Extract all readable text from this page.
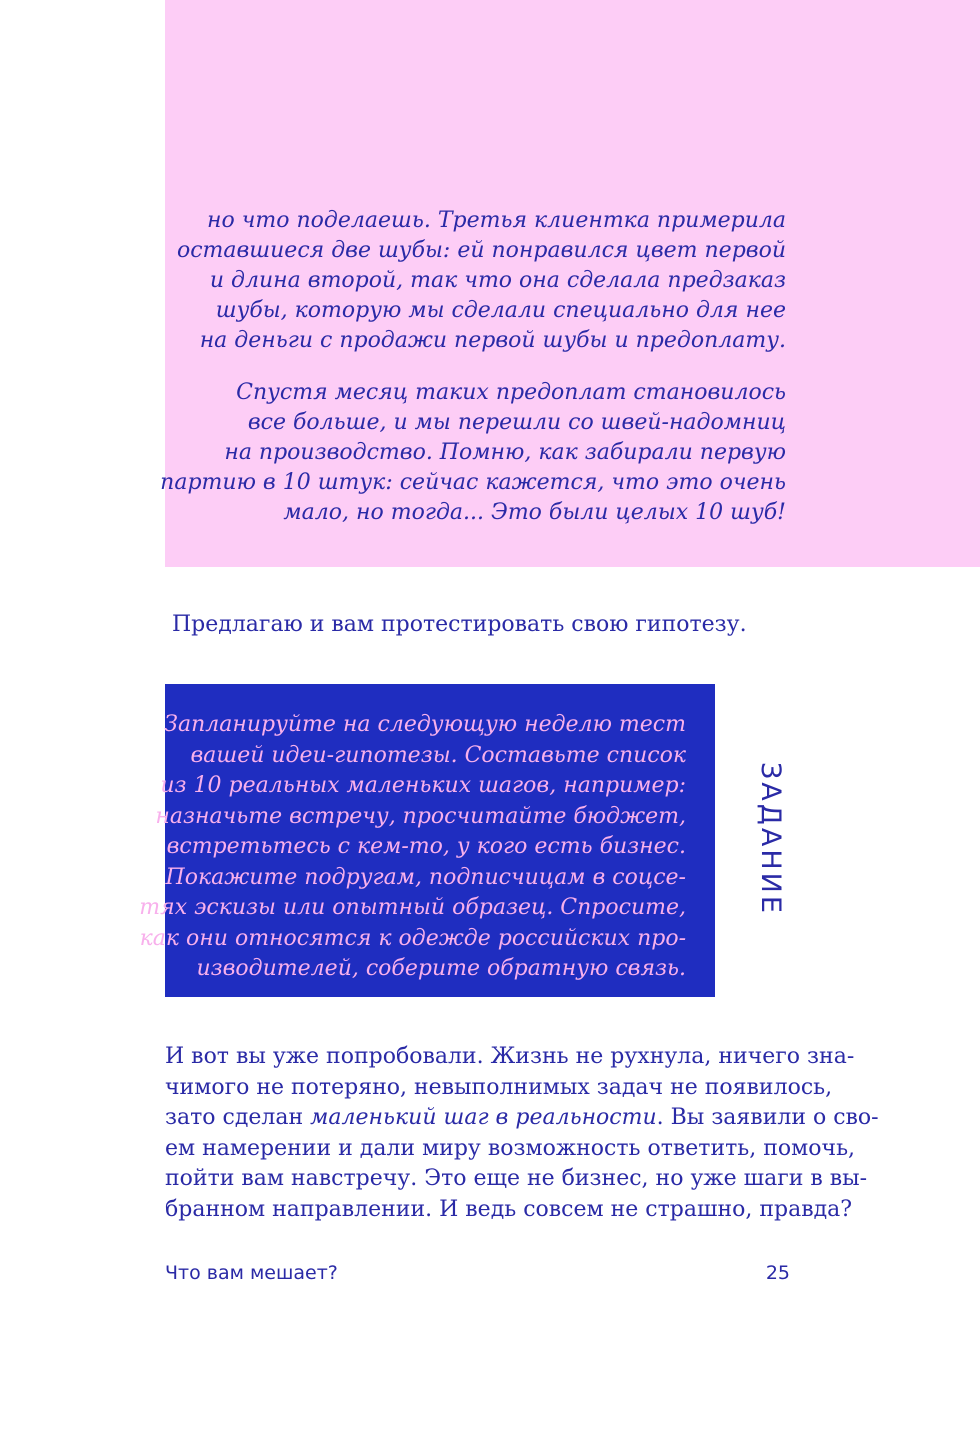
но что поделаешь. Третья клиентка примерила
оставшиеся две шубы: ей понравился цвет первой
и длина второй, так что она сделала предзаказ
шубы, которую мы сделали специально для нее
на деньги с продажи первой шубы и предоплату.
Спустя месяц таких предоплат становилось
все больше, и мы перешли со швей-надомниц
на производство. Помню, как забирали первую
партию в 10 штук: сейчас кажется, что это очень
мало, но тогда... Это были целых 10 шуб!
Предлагаю и вам протестировать свою гипотезу.
Запланируйте на следующую неделю тест
вашей идеи-гипотезы. Составьте список
из 10 реальных маленьких шагов, например:
назначьте встречу, просчитайте бюджет,
встретьтесь с кем-то, у кого есть бизнес.
Покажите подругам, подписчицам в соцсе-
тях эскизы или опытный образец. Спросите,
как они относятся к одежде российских про-
изводителей, соберите обратную связь.
ЗАДАНИЕ
И вот вы уже попробовали. Жизнь не рухнула, ничего зна-
чимого не потеряно, невыполнимых задач не появилось,
зато сделан маленький шаг в реальности. Вы заявили о сво-
ем намерении и дали миру возможность ответить, помочь,
пойти вам навстречу. Это еще не бизнес, но уже шаги в вы-
бранном направлении. И ведь совсем не страшно, правда?
Что вам мешает?	25
